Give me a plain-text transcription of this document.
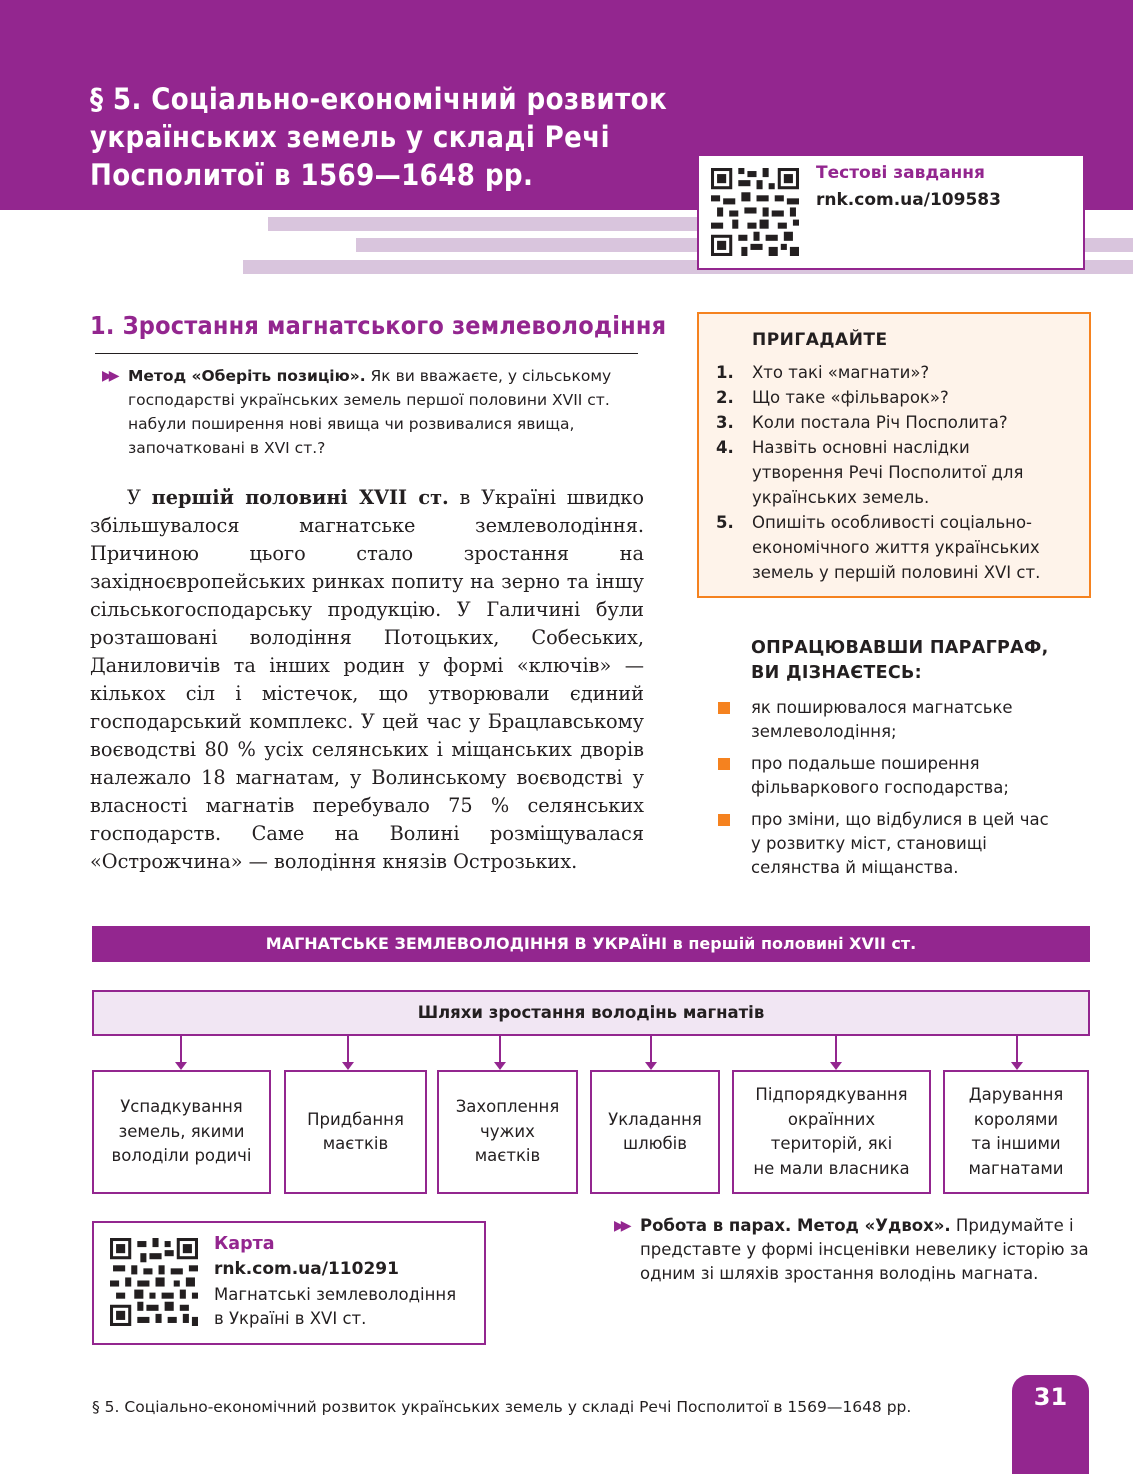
§ 5. Соціально-економічний розвиток
українських земель у складі Речі
Посполитої в 1569—1648 рр.	Тестові завдання
rnk.com.ua/109583
1. Зростання магнатського землеволодіння
▶▶ Метод «Оберіть позицію». Як ви вважаєте, у сільському господарстві українських земель першої половини XVII ст. набули поширення нові явища чи розвивалися явища, започатковані в XVI ст.?

У першій половині XVII ст. в Україні швидко збільшувалося магнатське землеволодіння. Причиною цього стало зростання на західноєвропейських ринках попиту на зерно та іншу сільськогосподарську продукцію. У Галичині були розташовані володіння Потоцьких, Собеських, Даниловичів та інших родин у формі «ключів» — кількох сіл і містечок, що утворювали єдиний господарський комплекс. У цей час у Брацлавському воєводстві 80 % усіх селянських і міщанських дворів належало 18 магнатам, у Волинському воєводстві у власності магнатів перебувало 75 % селянських господарств. Саме на Волині розміщувалася «Острожчина» — володіння князів Острозьких.

ПРИГАДАЙТЕ
1. Хто такі «магнати»?
2. Що таке «фільварок»?
3. Коли постала Річ Посполита?
4. Назвіть основні наслідки утворення Речі Посполитої для українських земель.
5. Опишіть особливості соціально-економічного життя українських земель у першій половині XVI ст.
ОПРАЦЮВАВШИ ПАРАГРАФ,
ВИ ДІЗНАЄТЕСЬ:
як поширювалося магнатське землеволодіння;
про подальше поширення фільваркового господарства;
про зміни, що відбулися в цей час у розвитку міст, становищі селянства й міщанства.
МАГНАТСЬКЕ ЗЕМЛЕВОЛОДІННЯ В УКРАЇНІ в першій половині XVII ст.
Шляхи зростання володінь магнатів
Успадкування
земель, якими
володіли родичі
Придбання
маєтків
Захоплення
чужих
маєтків
Укладання
шлюбів
Підпорядкування
окраїнних
територій, які
не мали власника
Дарування
королями
та іншими
магнатами
Карта
rnk.com.ua/110291
Магнатські землеволодіння
в Україні в XVI ст.
▶▶ Робота в парах. Метод «Удвох». Придумайте і представте у формі інсценівки невелику історію за одним зі шляхів зростання володінь магната.
§ 5. Соціально-економічний розвиток українських земель у складі Речі Посполитої в 1569—1648 рр.	31
